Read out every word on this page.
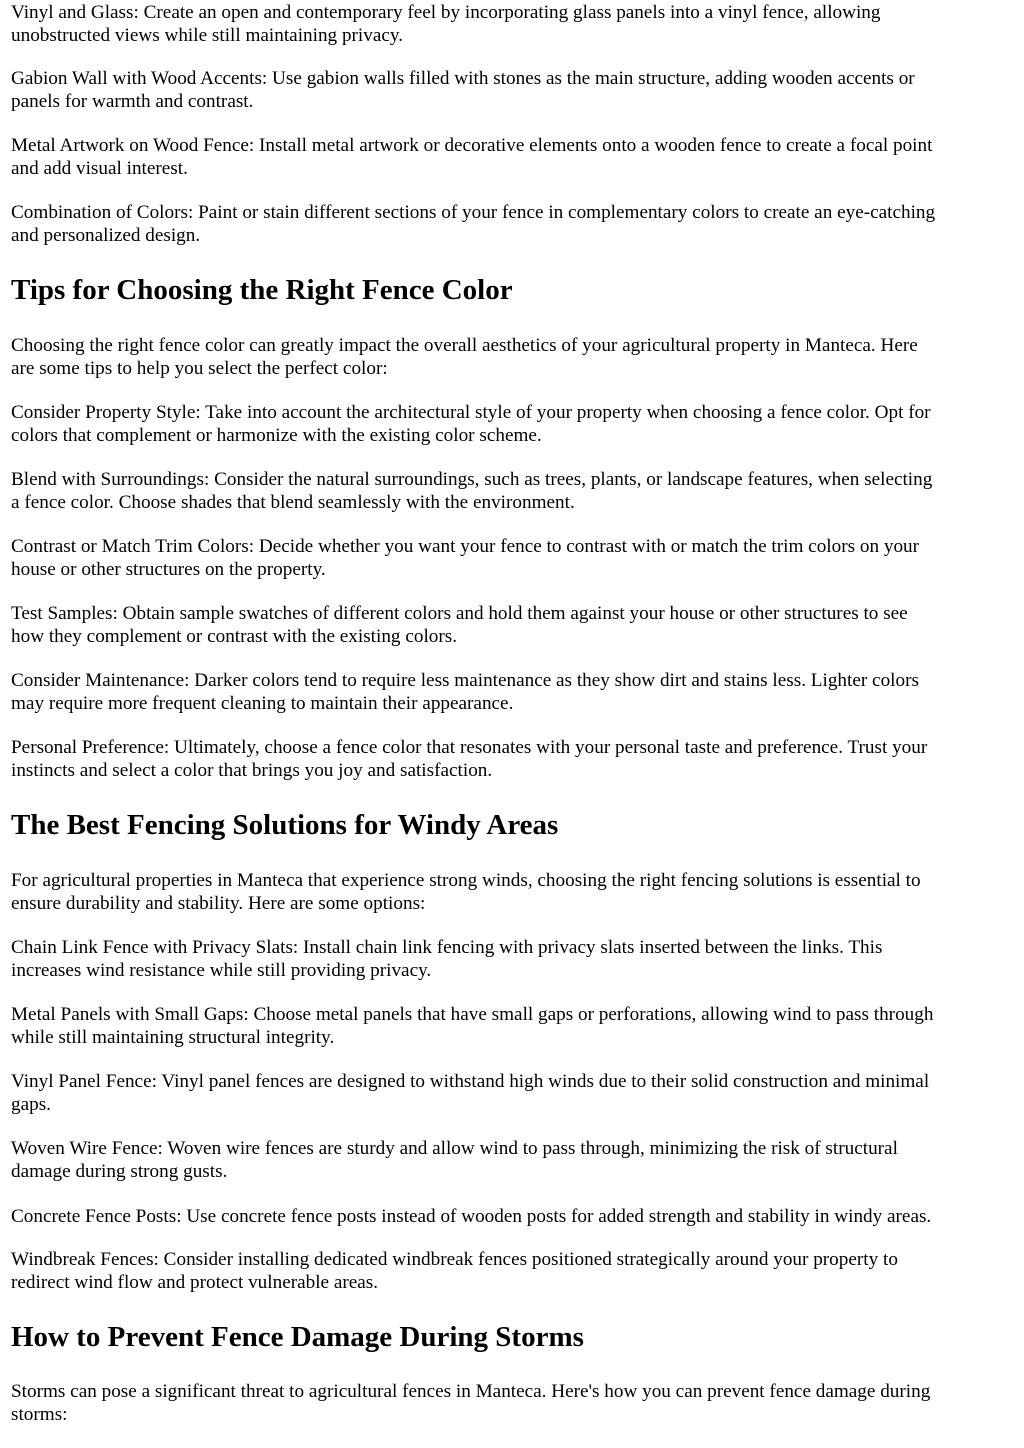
Vinyl and Glass: Create an open and contemporary feel by incorporating glass panels into a vinyl fence, allowing
unobstructed views while still maintaining privacy.

Gabion Wall with Wood Accents: Use gabion walls filled with stones as the main structure, adding wooden accents or
panels for warmth and contrast.

Metal Artwork on Wood Fence: Install metal artwork or decorative elements onto a wooden fence to create a focal point
and add visual interest.

Combination of Colors: Paint or stain different sections of your fence in complementary colors to create an eye-catching
and personalized design.

Tips for Choosing the Right Fence Color

Choosing the right fence color can greatly impact the overall aesthetics of your agricultural property in Manteca. Here
are some tips to help you select the perfect color:

Consider Property Style: Take into account the architectural style of your property when choosing a fence color. Opt for
colors that complement or harmonize with the existing color scheme.

Blend with Surroundings: Consider the natural surroundings, such as trees, plants, or landscape features, when selecting
a fence color. Choose shades that blend seamlessly with the environment.

Contrast or Match Trim Colors: Decide whether you want your fence to contrast with or match the trim colors on your
house or other structures on the property.

Test Samples: Obtain sample swatches of different colors and hold them against your house or other structures to see
how they complement or contrast with the existing colors.

Consider Maintenance: Darker colors tend to require less maintenance as they show dirt and stains less. Lighter colors
may require more frequent cleaning to maintain their appearance.

Personal Preference: Ultimately, choose a fence color that resonates with your personal taste and preference. Trust your
instincts and select a color that brings you joy and satisfaction.

The Best Fencing Solutions for Windy Areas

For agricultural properties in Manteca that experience strong winds, choosing the right fencing solutions is essential to
ensure durability and stability. Here are some options:

Chain Link Fence with Privacy Slats: Install chain link fencing with privacy slats inserted between the links. This
increases wind resistance while still providing privacy.

Metal Panels with Small Gaps: Choose metal panels that have small gaps or perforations, allowing wind to pass through
while still maintaining structural integrity.

Vinyl Panel Fence: Vinyl panel fences are designed to withstand high winds due to their solid construction and minimal
gaps.

Woven Wire Fence: Woven wire fences are sturdy and allow wind to pass through, minimizing the risk of structural
damage during strong gusts.

Concrete Fence Posts: Use concrete fence posts instead of wooden posts for added strength and stability in windy areas.

Windbreak Fences: Consider installing dedicated windbreak fences positioned strategically around your property to
redirect wind flow and protect vulnerable areas.

How to Prevent Fence Damage During Storms

Storms can pose a significant threat to agricultural fences in Manteca. Here's how you can prevent fence damage during
storms:
